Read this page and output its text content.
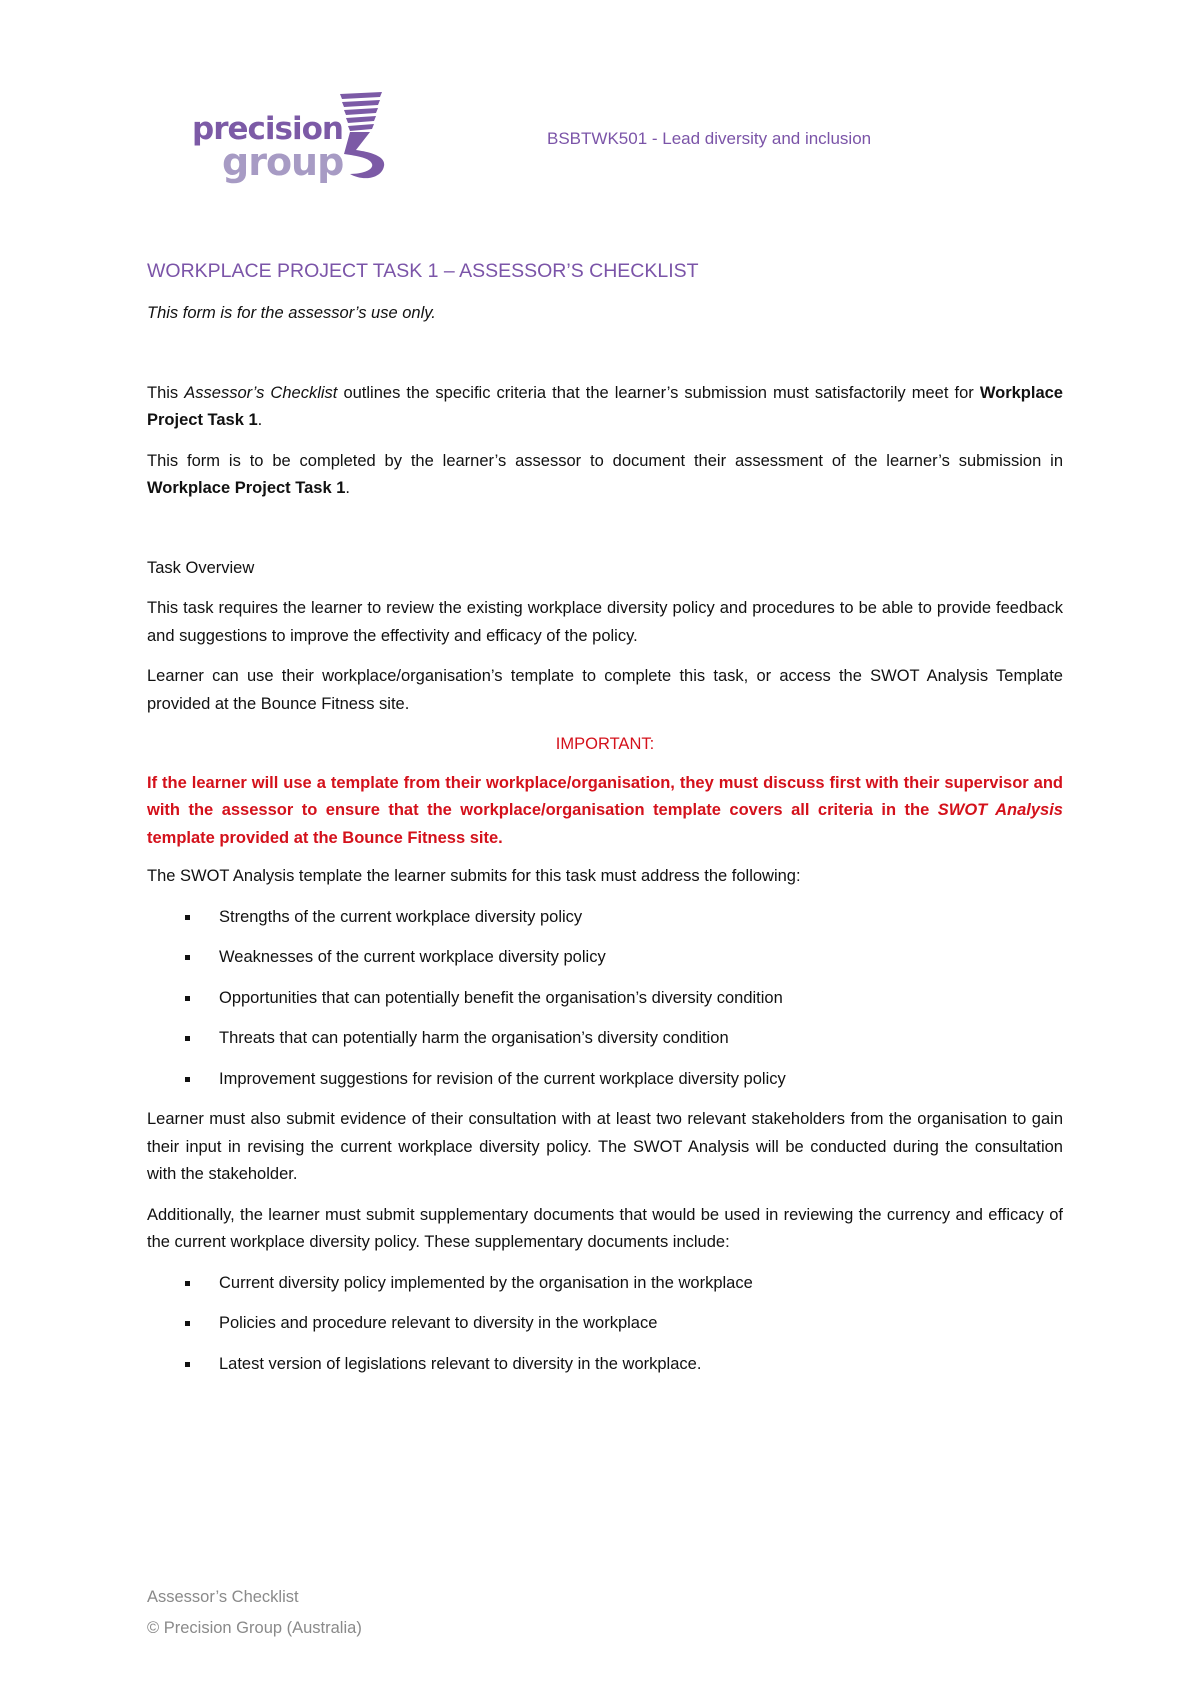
precision
group
BSBTWK501 - Lead diversity and inclusion
WORKPLACE PROJECT TASK 1 – ASSESSOR’S CHECKLIST

This form is for the assessor’s use only.

This Assessor’s Checklist outlines the specific criteria that the learner’s submission must satisfactorily meet for Workplace Project Task 1.

This form is to be completed by the learner’s assessor to document their assessment of the learner’s submission in Workplace Project Task 1.

Task Overview

This task requires the learner to review the existing workplace diversity policy and procedures to be able to provide feedback and suggestions to improve the effectivity and efficacy of the policy.

Learner can use their workplace/organisation’s template to complete this task, or access the SWOT Analysis Template provided at the Bounce Fitness site.

IMPORTANT:

If the learner will use a template from their workplace/organisation, they must discuss first with their supervisor and with the assessor to ensure that the workplace/organisation template covers all criteria in the SWOT Analysis template provided at the Bounce Fitness site.

The SWOT Analysis template the learner submits for this task must address the following:

Strengths of the current workplace diversity policy
Weaknesses of the current workplace diversity policy
Opportunities that can potentially benefit the organisation’s diversity condition
Threats that can potentially harm the organisation’s diversity condition
Improvement suggestions for revision of the current workplace diversity policy

Learner must also submit evidence of their consultation with at least two relevant stakeholders from the organisation to gain their input in revising the current workplace diversity policy. The SWOT Analysis will be conducted during the consultation with the stakeholder.

Additionally, the learner must submit supplementary documents that would be used in reviewing the currency and efficacy of the current workplace diversity policy. These supplementary documents include:

Current diversity policy implemented by the organisation in the workplace
Policies and procedure relevant to diversity in the workplace
Latest version of legislations relevant to diversity in the workplace.
Assessor’s Checklist
© Precision Group (Australia)
